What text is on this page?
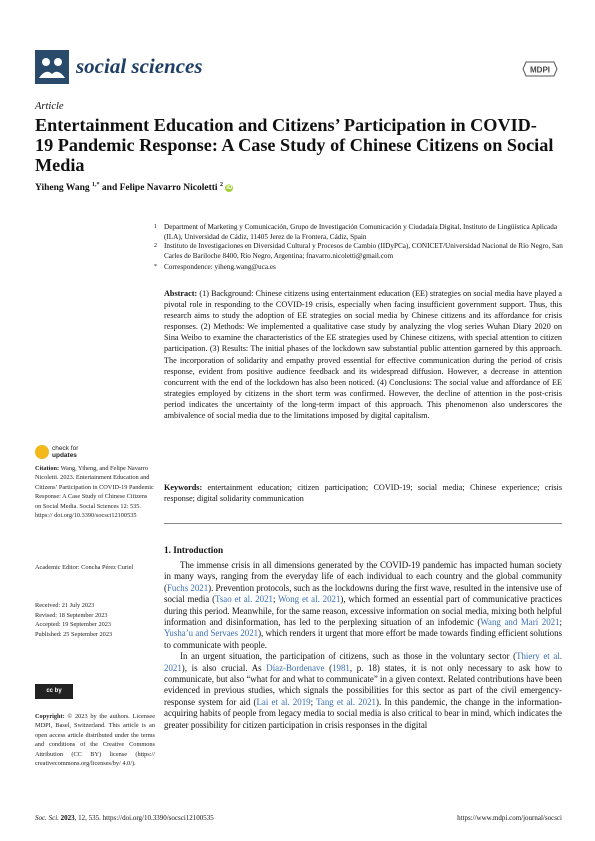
social sciences	MDPI
Article
Entertainment Education and Citizens’ Participation in COVID-19 Pandemic Response: A Case Study of Chinese Citizens on Social Media
Yiheng Wang $^{1,*}$ and Felipe Navarro Nicoletti $^2$ iD
1 Department of Marketing y Comunicación, Grupo de Investigación Comunicación y Ciudadaía Digital, Instituto de Lingüística Aplicada (ILA), Universidad de Cádiz, 11405 Jerez de la Frontera, Cádiz, Spain
2 Instituto de Investigaciones en Diversidad Cultural y Procesos de Cambio (IIDyPCa), CONICET/Universidad Nacional de Río Negro, San Carles de Bariloche 8400, Río Negro, Argentina; fnavarro.nicoletti@gmail.com
* Correspondence: yiheng.wang@uca.es
Abstract: (1) Background: Chinese citizens using entertainment education (EE) strategies on social media have played a pivotal role in responding to the COVID-19 crisis, especially when facing insufficient government support. Thus, this research aims to study the adoption of EE strategies on social media by Chinese citizens and its affordance for crisis responses. (2) Methods: We implemented a qualitative case study by analyzing the vlog series Wuhan Diary 2020 on Sina Weibo to examine the characteristics of the EE strategies used by Chinese citizens, with special attention to citizen participation. (3) Results: The initial phases of the lockdown saw substantial public attention garnered by this approach. The incorporation of solidarity and empathy proved essential for effective communication during the period of crisis response, evident from positive audience feedback and its widespread diffusion. However, a decrease in attention concurrent with the end of the lockdown has also been noticed. (4) Conclusions: The social value and affordance of EE strategies employed by citizens in the short term was confirmed. However, the decline of attention in the post-crisis period indicates the uncertainty of the long-term impact of this approach. This phenomenon also underscores the ambivalence of social media due to the limitations imposed by digital capitalism.
Keywords: entertainment education; citizen participation; COVID-19; social media; Chinese experience; crisis response; digital solidarity communication
check for
updates
Citation: Wang, Yiheng, and Felipe Navarro Nicoletti. 2023. Entertainment Education and Citizens’ Participation in COVID-19 Pandemic Response: A Case Study of Chinese Citizens on Social Media. Social Sciences 12: 535. https:// doi.org/10.3390/socsci12100535
Academic Editor: Concha Pérez Curiel
Received: 21 July 2023
Revised: 18 September 2023
Accepted: 19 September 2023
Published: 25 September 2023
cc by
Copyright: © 2023 by the authors. Licensee MDPI, Basel, Switzerland. This article is an open access article distributed under the terms and conditions of the Creative Commons Attribution (CC BY) license (https:// creativecommons.org/licenses/by/ 4.0/).
1. Introduction

The immense crisis in all dimensions generated by the COVID-19 pandemic has impacted human society in many ways, ranging from the everyday life of each individual to each country and the global community (Fuchs 2021). Prevention protocols, such as the lockdowns during the first wave, resulted in the intensive use of social media (Tsao et al. 2021; Wong et al. 2021), which formed an essential part of communicative practices during this period. Meanwhile, for the same reason, excessive information on social media, mixing both helpful information and disinformation, has led to the perplexing situation of an infodemic (Wang and Marí 2021; Yusha’u and Servaes 2021), which renders it urgent that more effort be made towards finding efficient solutions to communicate with people.

In an urgent situation, the participation of citizens, such as those in the voluntary sector (Thiery et al. 2021), is also crucial. As Díaz-Bordenave (1981, p. 18) states, it is not only necessary to ask how to communicate, but also “what for and what to communicate” in a given context. Related contributions have been evidenced in previous studies, which signals the possibilities for this sector as part of the civil emergency-response system for aid (Lai et al. 2019; Tang et al. 2021). In this pandemic, the change in the information-acquiring habits of people from legacy media to social media is also critical to bear in mind, which indicates the greater possibility for citizen participation in crisis responses in the digital

Soc. Sci. 2023, 12, 535. https://doi.org/10.3390/socsci12100535	https://www.mdpi.com/journal/socsci
